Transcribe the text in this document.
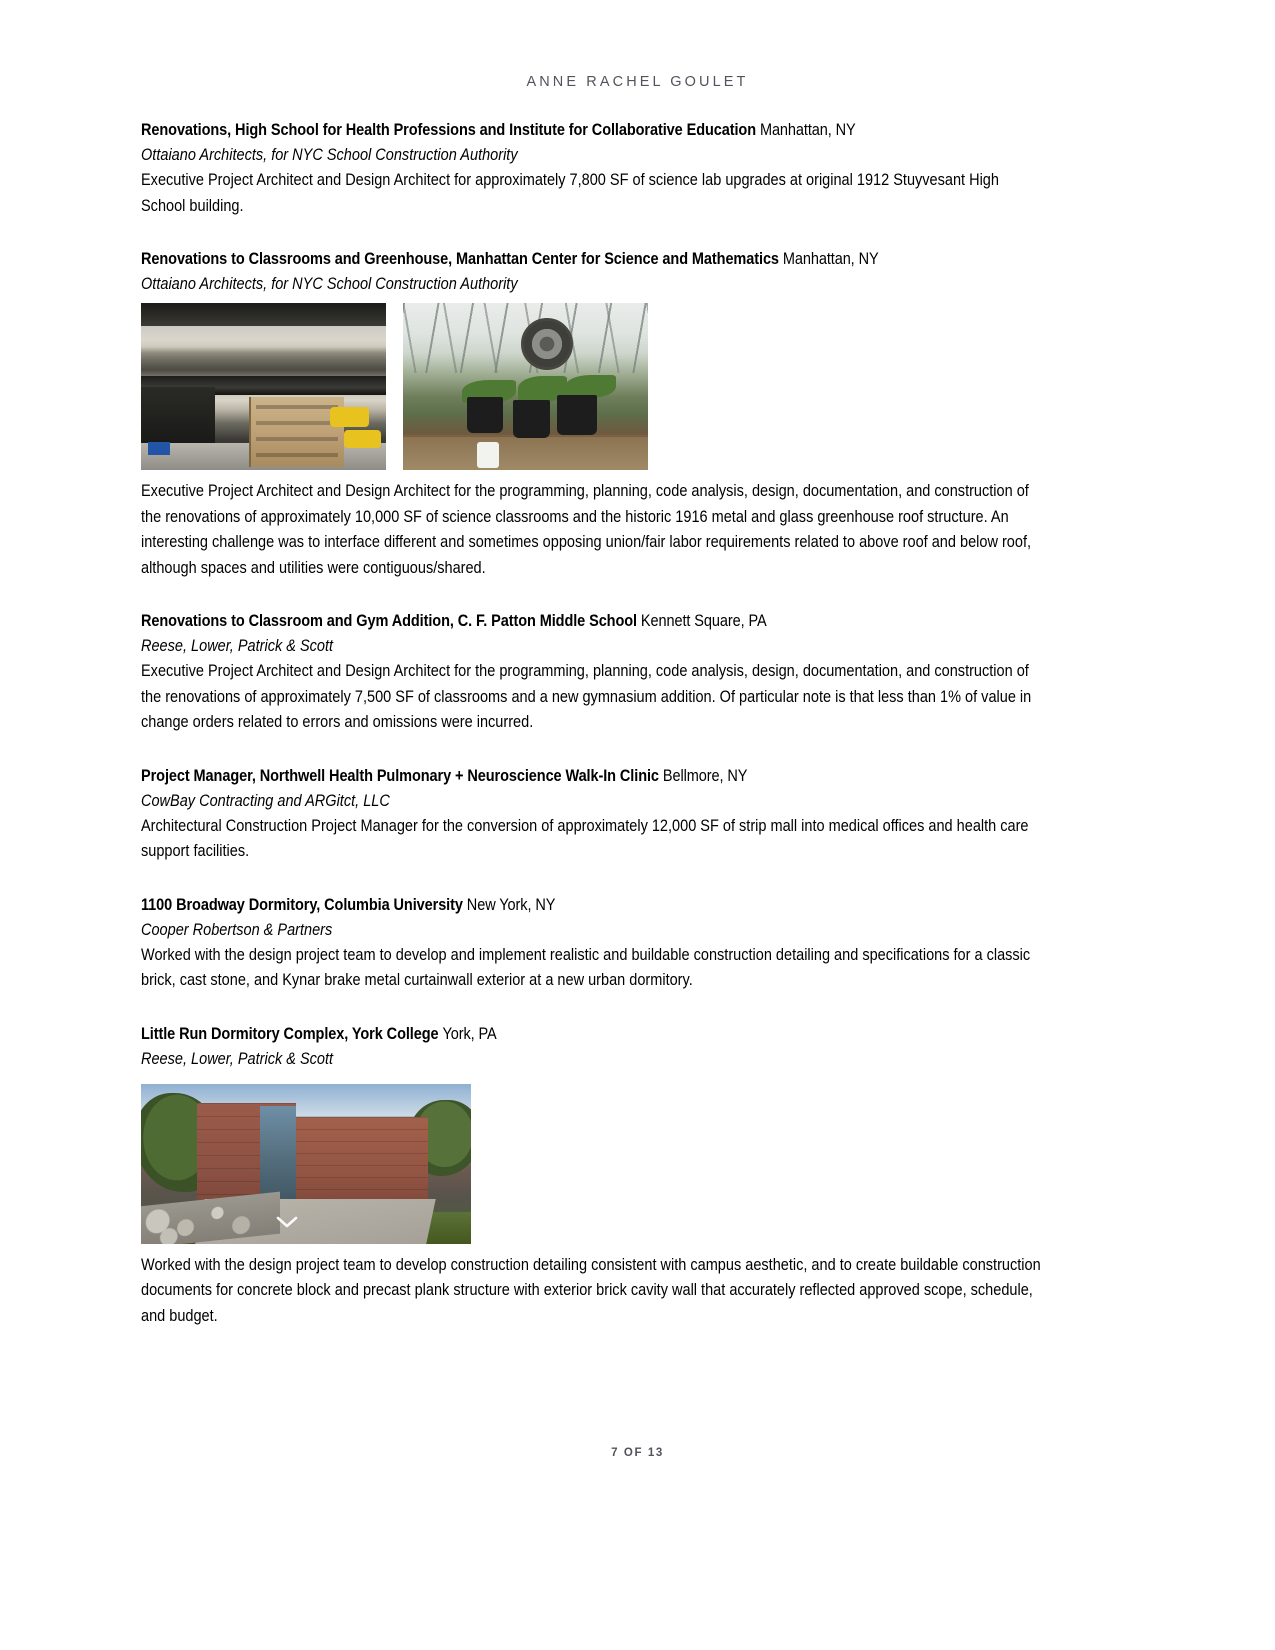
ANNE RACHEL GOULET
Renovations, High School for Health Professions and Institute for Collaborative Education Manhattan, NY
Ottaiano Architects, for NYC School Construction Authority
Executive Project Architect and Design Architect for approximately 7,800 SF of science lab upgrades at original 1912 Stuyvesant High School building.
Renovations to Classrooms and Greenhouse, Manhattan Center for Science and Mathematics Manhattan, NY
Ottaiano Architects, for NYC School Construction Authority
Executive Project Architect and Design Architect for the programming, planning, code analysis, design, documentation, and construction of the renovations of approximately 10,000 SF of science classrooms and the historic 1916 metal and glass greenhouse roof structure. An interesting challenge was to interface different and sometimes opposing union/fair labor requirements related to above roof and below roof, although spaces and utilities were contiguous/shared.
Renovations to Classroom and Gym Addition, C. F. Patton Middle School Kennett Square, PA
Reese, Lower, Patrick & Scott
Executive Project Architect and Design Architect for the programming, planning, code analysis, design, documentation, and construction of the renovations of approximately 7,500 SF of classrooms and a new gymnasium addition. Of particular note is that less than 1% of value in change orders related to errors and omissions were incurred.
Project Manager, Northwell Health Pulmonary + Neuroscience Walk-In Clinic Bellmore, NY
CowBay Contracting and ARGitct, LLC
Architectural Construction Project Manager for the conversion of approximately 12,000 SF of strip mall into medical offices and health care support facilities.
1100 Broadway Dormitory, Columbia University New York, NY
Cooper Robertson & Partners
Worked with the design project team to develop and implement realistic and buildable construction detailing and specifications for a classic brick, cast stone, and Kynar brake metal curtainwall exterior at a new urban dormitory.
Little Run Dormitory Complex, York College York, PA
Reese, Lower, Patrick & Scott
Worked with the design project team to develop construction detailing consistent with campus aesthetic, and to create buildable construction documents for concrete block and precast plank structure with exterior brick cavity wall that accurately reflected approved scope, schedule, and budget.
7 OF 13
